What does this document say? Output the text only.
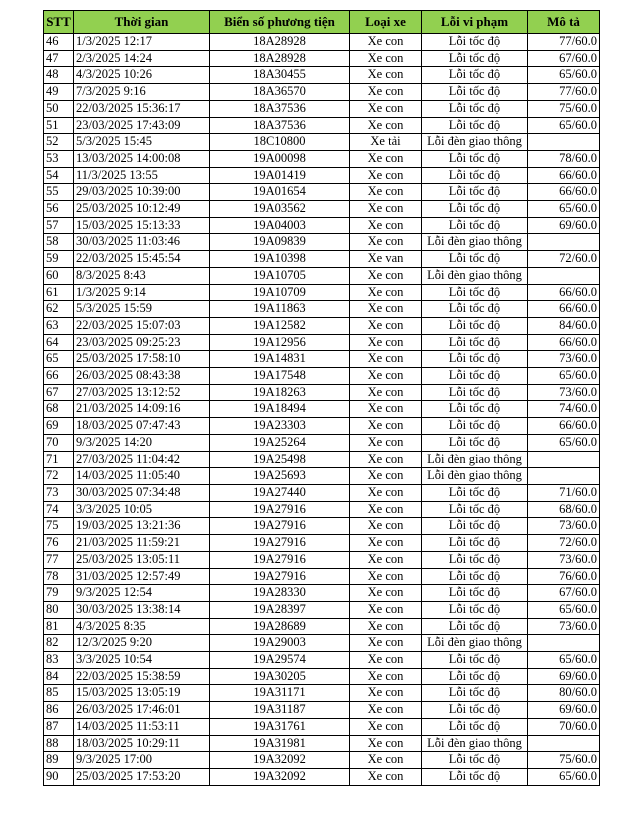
STT	Thời gian	Biển số phương tiện	Loại xe	Lỗi vi phạm	Mô tả
46	1/3/2025 12:17	18A28928	Xe con	Lỗi tốc độ	77/60.0
47	2/3/2025 14:24	18A28928	Xe con	Lỗi tốc độ	67/60.0
48	4/3/2025 10:26	18A30455	Xe con	Lỗi tốc độ	65/60.0
49	7/3/2025 9:16	18A36570	Xe con	Lỗi tốc độ	77/60.0
50	22/03/2025 15:36:17	18A37536	Xe con	Lỗi tốc độ	75/60.0
51	23/03/2025 17:43:09	18A37536	Xe con	Lỗi tốc độ	65/60.0
52	5/3/2025 15:45	18C10800	Xe tải	Lỗi đèn giao thông	
53	13/03/2025 14:00:08	19A00098	Xe con	Lỗi tốc độ	78/60.0
54	11/3/2025 13:55	19A01419	Xe con	Lỗi tốc độ	66/60.0
55	29/03/2025 10:39:00	19A01654	Xe con	Lỗi tốc độ	66/60.0
56	25/03/2025 10:12:49	19A03562	Xe con	Lỗi tốc độ	65/60.0
57	15/03/2025 15:13:33	19A04003	Xe con	Lỗi tốc độ	69/60.0
58	30/03/2025 11:03:46	19A09839	Xe con	Lỗi đèn giao thông	
59	22/03/2025 15:45:54	19A10398	Xe van	Lỗi tốc độ	72/60.0
60	8/3/2025 8:43	19A10705	Xe con	Lỗi đèn giao thông	
61	1/3/2025 9:14	19A10709	Xe con	Lỗi tốc độ	66/60.0
62	5/3/2025 15:59	19A11863	Xe con	Lỗi tốc độ	66/60.0
63	22/03/2025 15:07:03	19A12582	Xe con	Lỗi tốc độ	84/60.0
64	23/03/2025 09:25:23	19A12956	Xe con	Lỗi tốc độ	66/60.0
65	25/03/2025 17:58:10	19A14831	Xe con	Lỗi tốc độ	73/60.0
66	26/03/2025 08:43:38	19A17548	Xe con	Lỗi tốc độ	65/60.0
67	27/03/2025 13:12:52	19A18263	Xe con	Lỗi tốc độ	73/60.0
68	21/03/2025 14:09:16	19A18494	Xe con	Lỗi tốc độ	74/60.0
69	18/03/2025 07:47:43	19A23303	Xe con	Lỗi tốc độ	66/60.0
70	9/3/2025 14:20	19A25264	Xe con	Lỗi tốc độ	65/60.0
71	27/03/2025 11:04:42	19A25498	Xe con	Lỗi đèn giao thông	
72	14/03/2025 11:05:40	19A25693	Xe con	Lỗi đèn giao thông	
73	30/03/2025 07:34:48	19A27440	Xe con	Lỗi tốc độ	71/60.0
74	3/3/2025 10:05	19A27916	Xe con	Lỗi tốc độ	68/60.0
75	19/03/2025 13:21:36	19A27916	Xe con	Lỗi tốc độ	73/60.0
76	21/03/2025 11:59:21	19A27916	Xe con	Lỗi tốc độ	72/60.0
77	25/03/2025 13:05:11	19A27916	Xe con	Lỗi tốc độ	73/60.0
78	31/03/2025 12:57:49	19A27916	Xe con	Lỗi tốc độ	76/60.0
79	9/3/2025 12:54	19A28330	Xe con	Lỗi tốc độ	67/60.0
80	30/03/2025 13:38:14	19A28397	Xe con	Lỗi tốc độ	65/60.0
81	4/3/2025 8:35	19A28689	Xe con	Lỗi tốc độ	73/60.0
82	12/3/2025 9:20	19A29003	Xe con	Lỗi đèn giao thông	
83	3/3/2025 10:54	19A29574	Xe con	Lỗi tốc độ	65/60.0
84	22/03/2025 15:38:59	19A30205	Xe con	Lỗi tốc độ	69/60.0
85	15/03/2025 13:05:19	19A31171	Xe con	Lỗi tốc độ	80/60.0
86	26/03/2025 17:46:01	19A31187	Xe con	Lỗi tốc độ	69/60.0
87	14/03/2025 11:53:11	19A31761	Xe con	Lỗi tốc độ	70/60.0
88	18/03/2025 10:29:11	19A31981	Xe con	Lỗi đèn giao thông	
89	9/3/2025 17:00	19A32092	Xe con	Lỗi tốc độ	75/60.0
90	25/03/2025 17:53:20	19A32092	Xe con	Lỗi tốc độ	65/60.0
